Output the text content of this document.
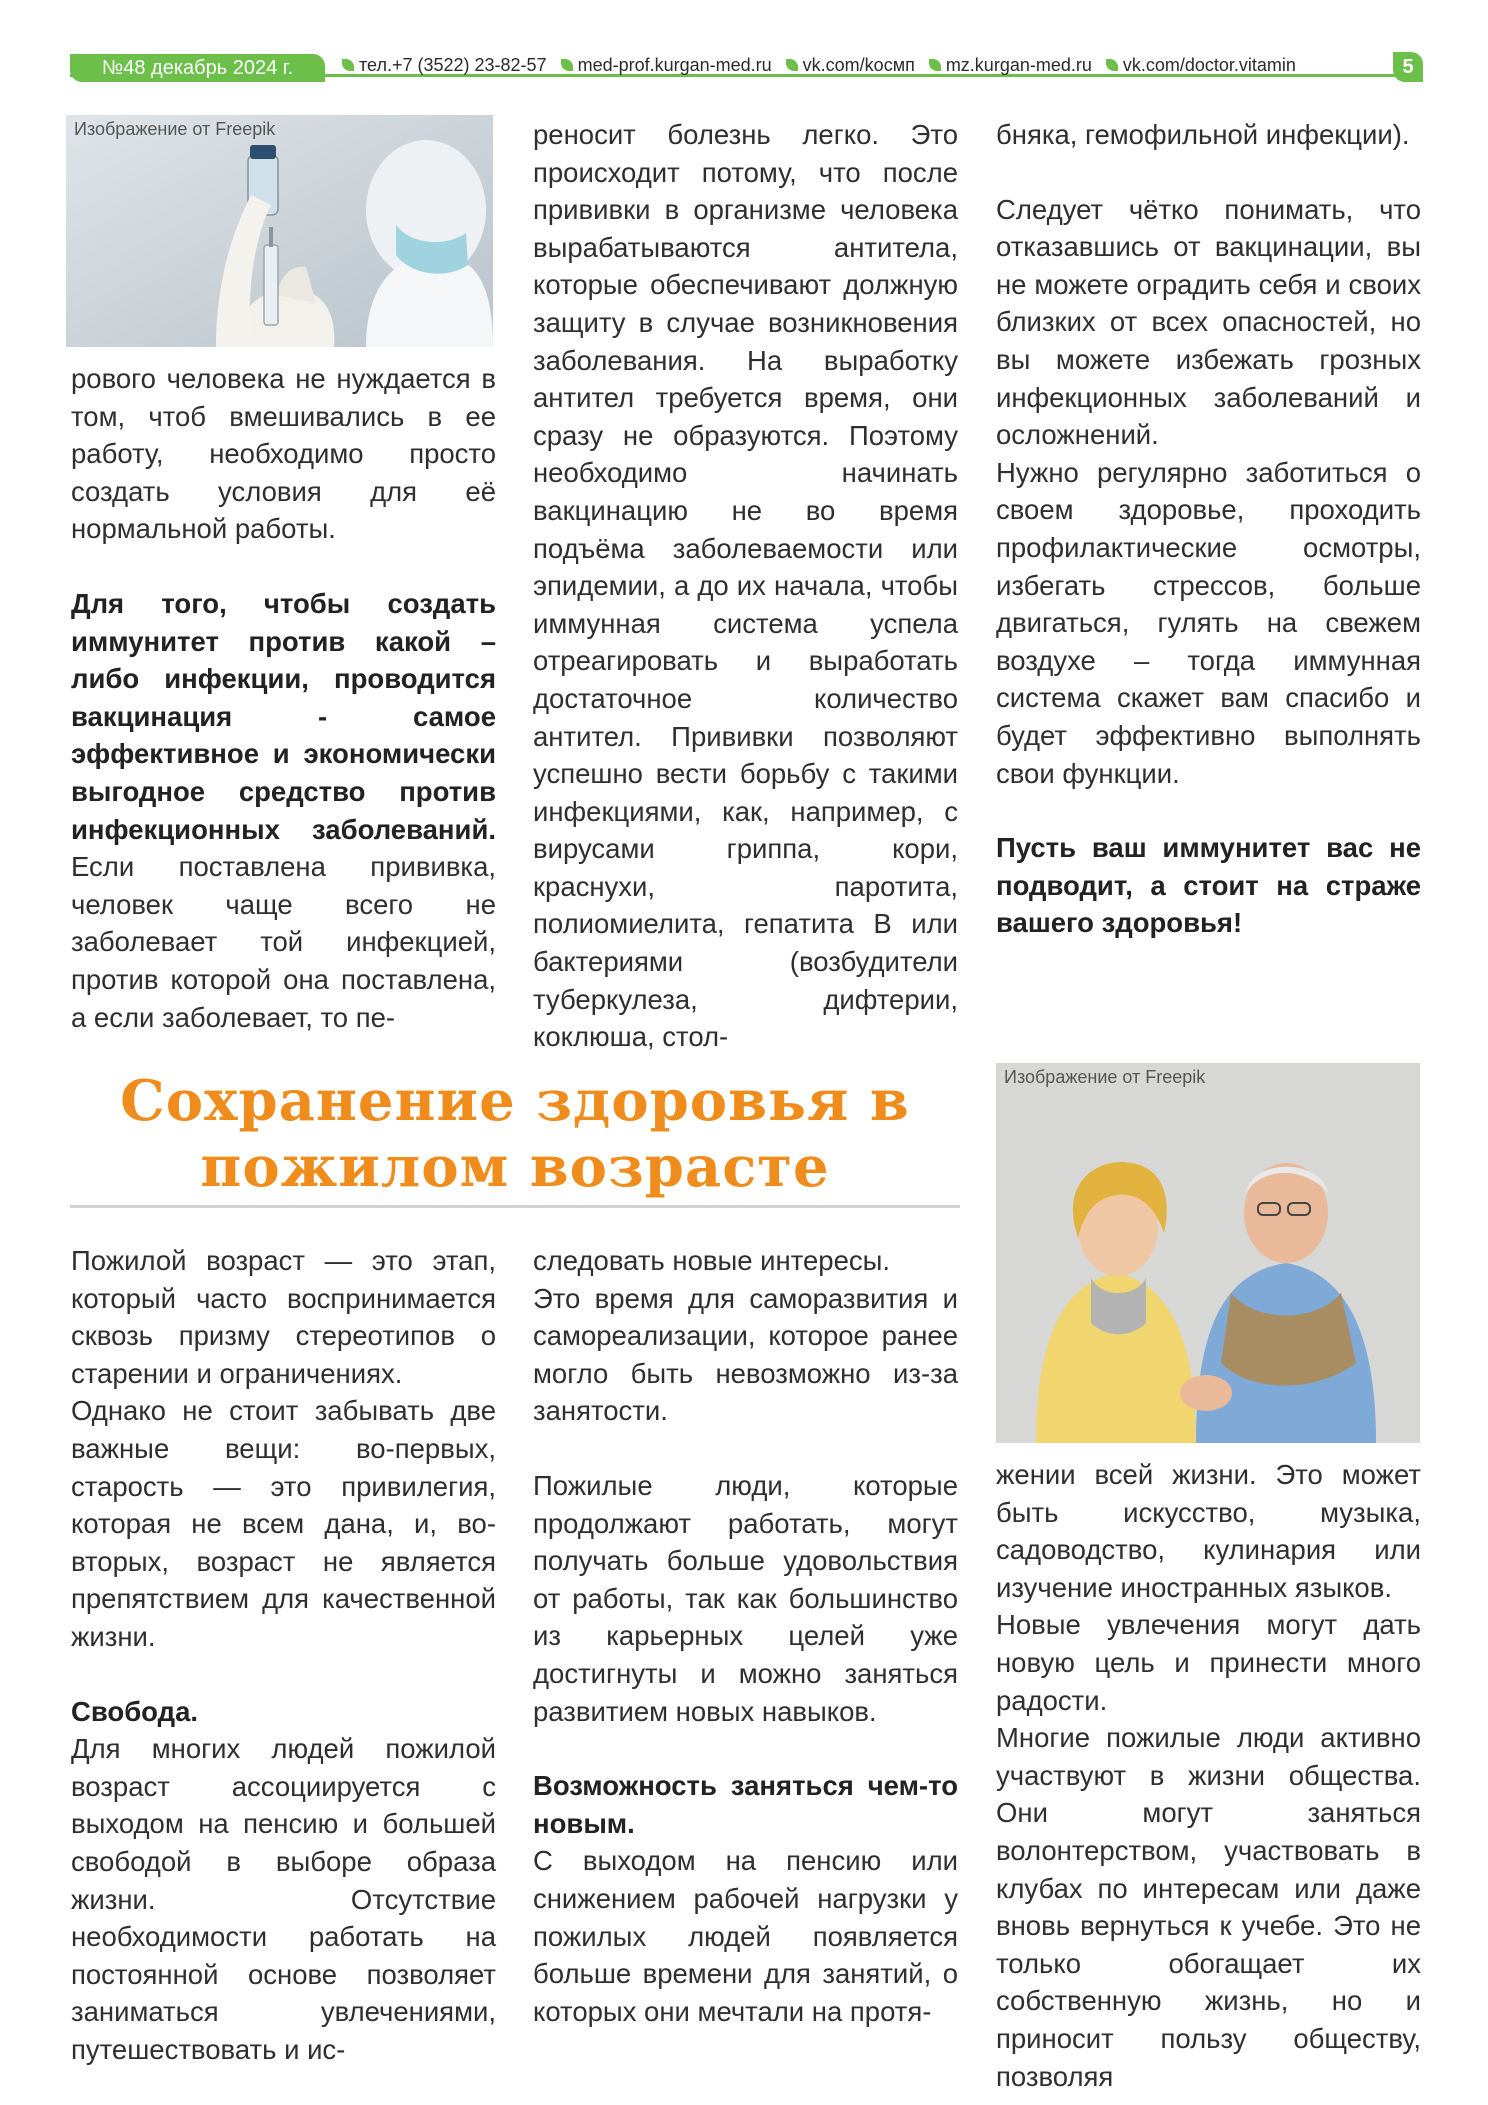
№48 декабрь 2024 г.	тел.+7 (3522) 23-82-57 med-prof.kurgan-med.ru vk.com/kocмп mz.kurgan-med.ru vk.com/doctor.vitamin	5
Изображение от Freepik

рового человека не нуждается в том, чтоб вмешивались в ее работу, необходимо просто создать условия для её нормальной работы.

Для того, чтобы создать иммунитет против какой – либо инфекции, проводится вакцинация - самое эффективное и экономически выгодное средство против инфекционных заболеваний. Если поставлена прививка, человек чаще всего не заболевает той инфекцией, против которой она поставлена, а если заболевает, то пе-

реносит болезнь легко. Это происходит потому, что после прививки в организме человека вырабатываются антитела, которые обеспечивают должную защиту в случае возникновения заболевания. На выработку антител требуется время, они сразу не образуются. Поэтому необходимо начинать вакцинацию не во время подъёма заболеваемости или эпидемии, а до их начала, чтобы иммунная система успела отреагировать и выработать достаточное количество антител. Прививки позволяют успешно вести борьбу с такими инфекциями, как, например, с вирусами гриппа, кори, краснухи, паротита, полиомиелита, гепатита В или бактериями (возбудители туберкулеза, дифтерии, коклюша, стол-

бняка, гемофильной инфекции).

Следует чётко понимать, что отказавшись от вакцинации, вы не можете оградить себя и своих близких от всех опасностей, но вы можете избежать грозных инфекционных заболеваний и осложнений.

Нужно регулярно заботиться о своем здоровье, проходить профилактические осмотры, избегать стрессов, больше двигаться, гулять на свежем воздухе – тогда иммунная система скажет вам спасибо и будет эффективно выполнять свои функции.

Пусть ваш иммунитет вас не подводит, а стоит на страже вашего здоровья!

Сохранение здоровья в
пожилом возрасте
Изображение от Freepik

Пожилой возраст — это этап, который часто воспринимается сквозь призму стереотипов о старении и ограничениях.

Однако не стоит забывать две важные вещи: во-первых, старость — это привилегия, которая не всем дана, и, во-вторых, возраст не является препятствием для качественной жизни.

Свобода.

Для многих людей пожилой возраст ассоциируется с выходом на пенсию и большей свободой в выборе образа жизни. Отсутствие необходимости работать на постоянной основе позволяет заниматься увлечениями, путешествовать и ис-

следовать новые интересы.

Это время для саморазвития и самореализации, которое ранее могло быть невозможно из-за занятости.

Пожилые люди, которые продолжают работать, могут получать больше удовольствия от работы, так как большинство из карьерных целей уже достигнуты и можно заняться развитием новых навыков.

Возможность заняться чем-то новым.

С выходом на пенсию или снижением рабочей нагрузки у пожилых людей появляется больше времени для занятий, о которых они мечтали на протя-

жении всей жизни. Это может быть искусство, музыка, садоводство, кулинария или изучение иностранных языков.

Новые увлечения могут дать новую цель и принести много радости.

Многие пожилые люди активно участвуют в жизни общества. Они могут заняться волонтерством, участвовать в клубах по интересам или даже вновь вернуться к учебе. Это не только обогащает их собственную жизнь, но и приносит пользу обществу, позволяя
